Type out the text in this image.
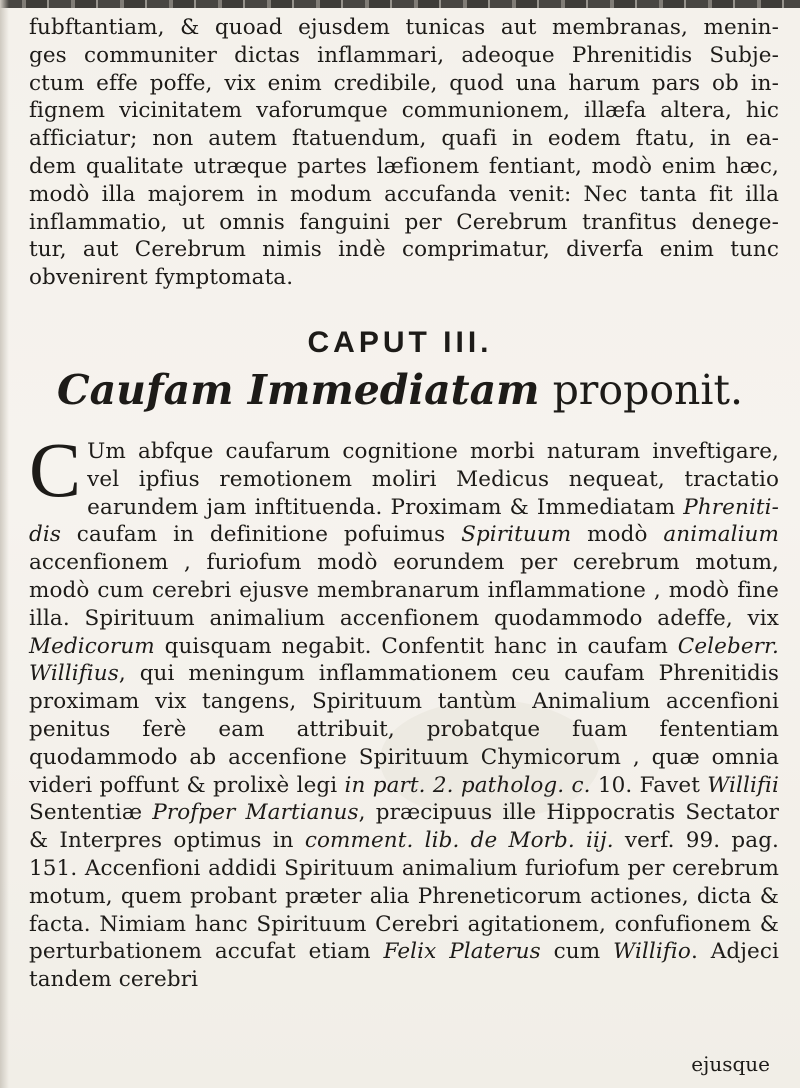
fubftantiam, & quoad ejusdem tunicas aut membranas, menin-
ges communiter dictas inflammari, adeoque Phrenitidis Subje-
ctum effe poffe, vix enim credibile, quod una harum pars ob in-
fignem vicinitatem vaforumque communionem, illæfa altera, hic
afficiatur; non autem ftatuendum, quafi in eodem ftatu, in ea-
dem qualitate utræque partes læfionem fentiant, modò enim hæc,
modò illa majorem in modum accufanda venit: Nec tanta fit illa
inflammatio, ut omnis fanguini per Cerebrum tranfitus denege-
tur, aut Cerebrum nimis indè comprimatur, diverfa enim tunc
obvenirent fymptomata.
CAPUT III.
Caufam Immediatam proponit.
C Um abfque caufarum cognitione morbi naturam inveftigare, vel ipfius remotionem moliri Medicus nequeat, tractatio earundem jam inftituenda. Proximam & Immediatam Phreniti-dis caufam in definitione pofuimus Spirituum modò animalium accenfionem , furiofum modò eorundem per cerebrum motum, modò cum cerebri ejusve membranarum inflammatione , modò fine illa. Spirituum animalium accenfionem quodammodo adeffe, vix Medicorum quisquam negabit. Confentit hanc in caufam Celeberr. Willifius, qui meningum inflammationem ceu caufam Phrenitidis proximam vix tangens, Spirituum tantùm Animalium accenfioni penitus ferè eam attribuit, probatque fuam fententiam quodammodo ab accenfione Spirituum Chymicorum , quæ omnia videri poffunt & prolixè legi in part. 2. patholog. c. 10. Favet Willifii Sententiæ Profper Martianus, præcipuus ille Hippocratis Sectator & Interpres optimus in comment. lib. de Morb. iij. verf. 99. pag. 151. Accenfioni addidi Spirituum animalium furiofum per cerebrum motum, quem probant præter alia Phreneticorum actiones, dicta & facta. Nimiam hanc Spirituum Cerebri agitationem, confufionem & perturbationem accufat etiam Felix Platerus cum Willifio. Adjeci tandem cerebri
ejusque
